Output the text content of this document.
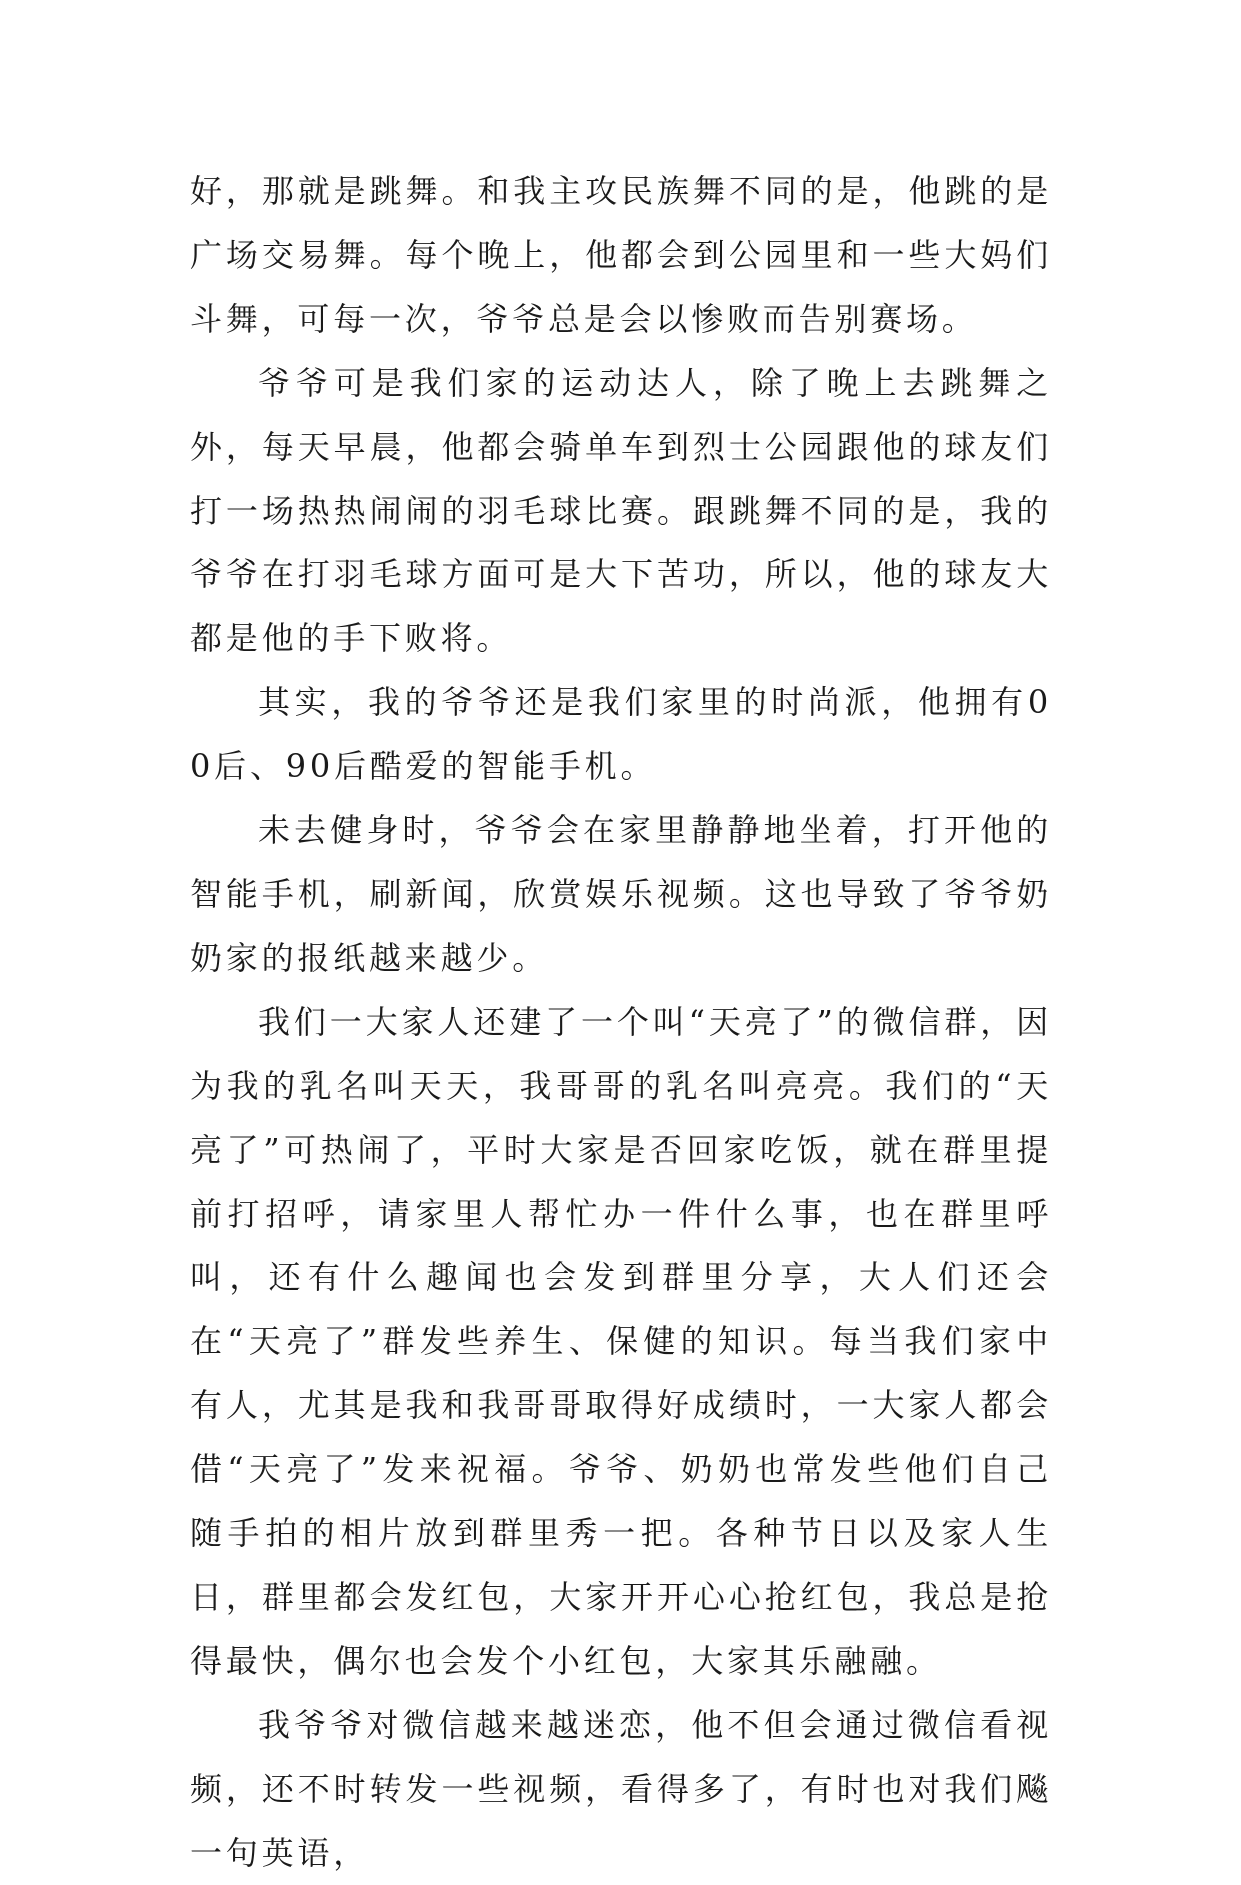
好，那就是跳舞。和我主攻民族舞不同的是，他跳的是广场交易舞。每个晚上，他都会到公园里和一些大妈们斗舞，可每一次，爷爷总是会以惨败而告别赛场。

爷爷可是我们家的运动达人，除了晚上去跳舞之外，每天早晨，他都会骑单车到烈士公园跟他的球友们打一场热热闹闹的羽毛球比赛。跟跳舞不同的是，我的爷爷在打羽毛球方面可是大下苦功，所以，他的球友大都是他的手下败将。

其实，我的爷爷还是我们家里的时尚派，他拥有00后、90后酷爱的智能手机。

未去健身时，爷爷会在家里静静地坐着，打开他的智能手机，刷新闻，欣赏娱乐视频。这也导致了爷爷奶奶家的报纸越来越少。

我们一大家人还建了一个叫“天亮了”的微信群，因为我的乳名叫天天，我哥哥的乳名叫亮亮。我们的“天亮了”可热闹了，平时大家是否回家吃饭，就在群里提前打招呼，请家里人帮忙办一件什么事，也在群里呼叫，还有什么趣闻也会发到群里分享，大人们还会在“天亮了”群发些养生、保健的知识。每当我们家中有人，尤其是我和我哥哥取得好成绩时，一大家人都会借“天亮了”发来祝福。爷爷、奶奶也常发些他们自己随手拍的相片放到群里秀一把。各种节日以及家人生日，群里都会发红包，大家开开心心抢红包，我总是抢得最快，偶尔也会发个小红包，大家其乐融融。

我爷爷对微信越来越迷恋，他不但会通过微信看视频，还不时转发一些视频，看得多了，有时也对我们飚一句英语，
